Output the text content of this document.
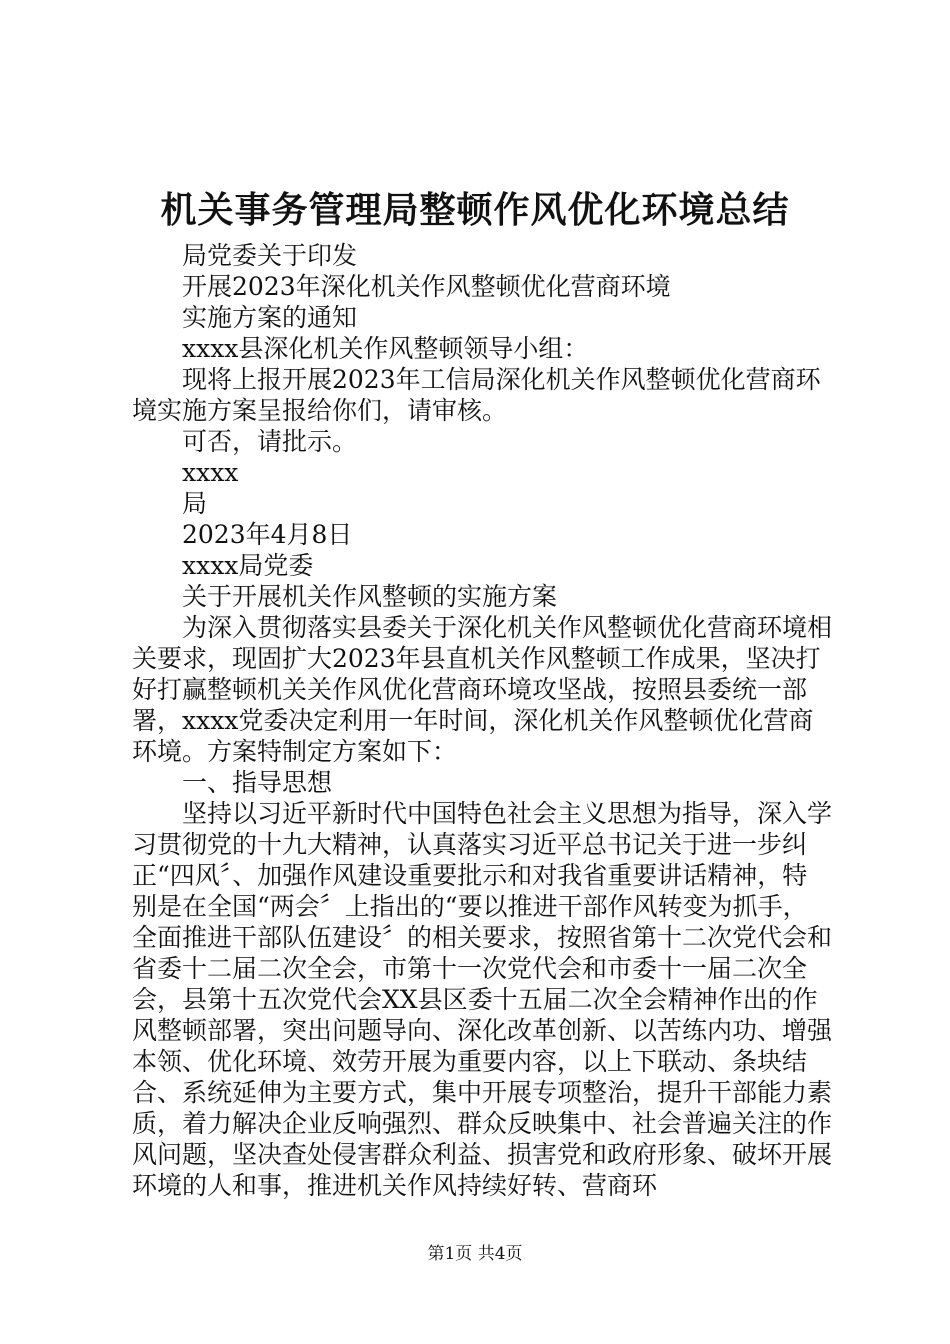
机关事务管理局整顿作风优化环境总结

局党委关于印发

开展2023年深化机关作风整顿优化营商环境

实施方案的通知

xxxx县深化机关作风整顿领导小组：

现将上报开展2023年工信局深化机关作风整顿优化营商环境实施方案呈报给你们，请审核。

可否，请批示。

xxxx

局

2023年4月8日

xxxx局党委

关于开展机关作风整顿的实施方案

为深入贯彻落实县委关于深化机关作风整顿优化营商环境相关要求，现固扩大2023年县直机关作风整顿工作成果，坚决打好打赢整顿机关关作风优化营商环境攻坚战，按照县委统一部署，xxxx党委决定利用一年时间，深化机关作风整顿优化营商环境。方案特制定方案如下：

一、指导思想

坚持以习近平新时代中国特色社会主义思想为指导，深入学习贯彻党的十九大精神，认真落实习近平总书记关于进一步纠正“四风〞、加强作风建设重要批示和对我省重要讲话精神，特别是在全国“两会〞上指出的“要以推进干部作风转变为抓手，全面推进干部队伍建设〞的相关要求，按照省第十二次党代会和省委十二届二次全会，市第十一次党代会和市委十一届二次全会，县第十五次党代会XX县区委十五届二次全会精神作出的作风整顿部署，突出问题导向、深化改革创新、以苦练内功、增强本领、优化环境、效劳开展为重要内容，以上下联动、条块结合、系统延伸为主要方式，集中开展专项整治，提升干部能力素质，着力解决企业反响强烈、群众反映集中、社会普遍关注的作风问题，坚决查处侵害群众利益、损害党和政府形象、破坏开展环境的人和事，推进机关作风持续好转、营商环

第1页 共4页
